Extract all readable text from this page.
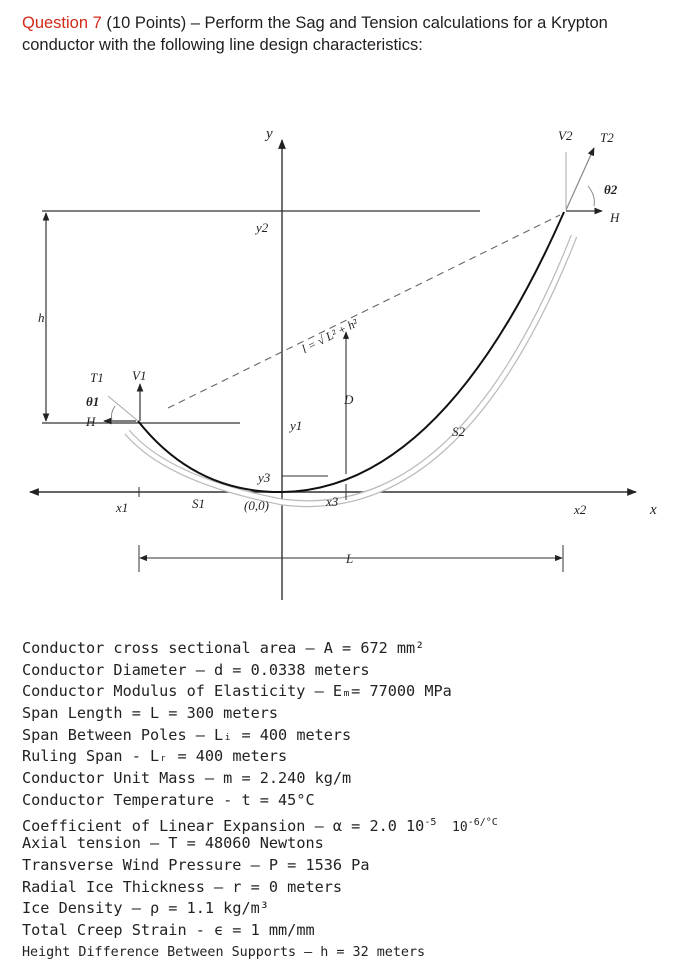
Question 7 (10 Points) – Perform the Sag and Tension calculations for a Krypton conductor with the following line design characteristics:
y
x
y2
y1
y3
h
T1 V1
θ1
H
V2 T2
θ2
H
l = √ L² + h²
D
S1
S2
(0,0)
x1	x2
x3
L
Conductor cross sectional area – A = 672 mm²
Conductor Diameter – d = 0.0338 meters
Conductor Modulus of Elasticity – Eₘ= 77000 MPa
Span Length = L = 300 meters
Span Between Poles – Lᵢ = 400 meters
Ruling Span - Lᵣ = 400 meters
Conductor Unit Mass – m = 2.240 kg/m
Conductor Temperature - t = 45°C
Coefficient of Linear Expansion – α = 2.0 $10^{-5}$  $10^{-6/^\circ C}$
Axial tension – T = 48060 Newtons
Transverse Wind Pressure – P = 1536 Pa
Radial Ice Thickness – r = 0 meters
Ice Density – ρ = 1.1 kg/m³
Total Creep Strain - ϵ = 1 mm/mm
Height Difference Between Supports – h = 32 meters
